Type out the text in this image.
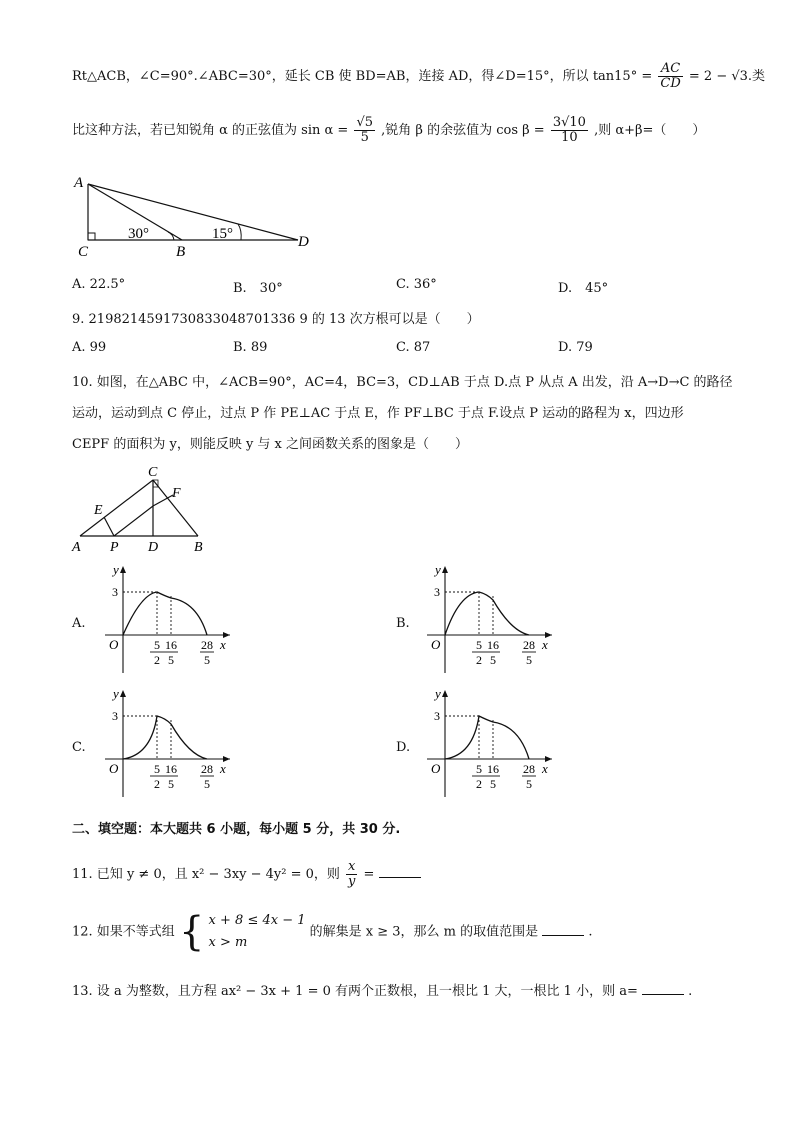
Rt△ACB，∠C=90°.∠ABC=30°，延长 CB 使 BD=AB，连接 AD，得∠D=15°，所以 $\tan 15^\circ = \frac{AC}{CD} = 2 - √3$.类
比这种方法，若已知锐角 α 的正弦值为 $\sin \alpha = \frac{√5}{5}$ ,锐角 β 的余弦值为 $\cos \beta = \frac{3√10}{10}$ ,则 α+β=（　　）
A
C	B
D
30°	15°
A. 22.5°	B.　30°	C. 36°	D.　45°
9. 2198214591730833048701336 9 的 13 次方根可以是（　　）
A. 99	B. 89	C. 87	D. 79
10. 如图，在△ABC 中，∠ACB=90°，AC=4，BC=3，CD⊥AB 于点 D.点 P 从点 A 出发，沿 A→D→C 的路径
运动，运动到点 C 停止，过点 P 作 PE⊥AC 于点 E，作 PF⊥BC 于点 F.设点 P 运动的路程为 x，四边形
CEPF 的面积为 y，则能反映 y 与 x 之间函数关系的图象是（　　）
C
F
E
A P D	B
A.	B.
C.	D.
y
x
O
3
5
2
16
5
28
5
y
x
O
3
5
2
16
5
28
5
y
x
O
3
5
2
16
5
28
5
y
x
O
3
5
2
16
5
28
5
二、填空题：本大题共 6 小题，每小题 5 分，共 30 分.
11. 已知 y ≠ 0，且 x² − 3xy − 4y² = 0，则 $\frac{x}{y}$ =
12. 如果不等式组 { x + 8 ≤ 4x − 1
x > m
的解集是 x ≥ 3，那么 m 的取值范围是	.
13. 设 a 为整数，且方程 ax² − 3x + 1 = 0 有两个正数根，且一根比 1 大，一根比 1 小，则 a=	.
